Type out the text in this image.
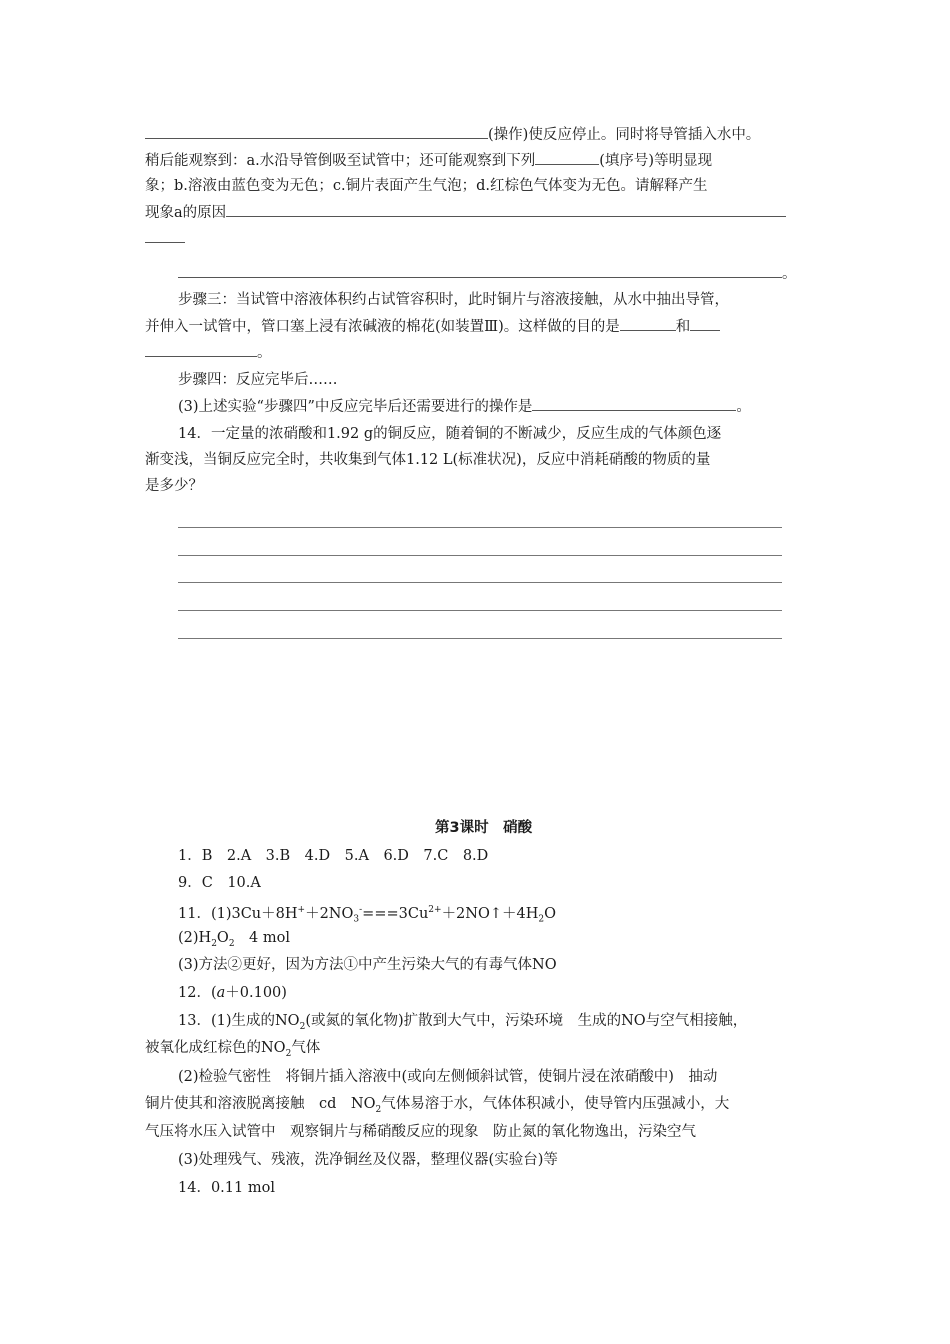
(操作)使反应停止。同时将导管插入水中。
稍后能观察到：a.水沿导管倒吸至试管中；还可能观察到下列	(填序号)等明显现
象；b.溶液由蓝色变为无色；c.铜片表面产生气泡；d.红棕色气体变为无色。请解释产生
现象a的原因
。
步骤三：当试管中溶液体积约占试管容积时，此时铜片与溶液接触，从水中抽出导管，
并伸入一试管中，管口塞上浸有浓碱液的棉花(如装置Ⅲ)。这样做的目的是	和
。
步骤四：反应完毕后……
(3)上述实验“步骤四”中反应完毕后还需要进行的操作是	。
14．一定量的浓硝酸和1.92 g的铜反应，随着铜的不断减少，反应生成的气体颜色逐
渐变浅，当铜反应完全时，共收集到气体1.12 L(标准状况)，反应中消耗硝酸的物质的量
是多少？
第3课时　硝酸
1．B　2.A　3.B　4.D　5.A　6.D　7.C　8.D
9．C　10.A
11．$(1)3Cu+8H^++2NO_3^-===3Cu^{2+}+2NO↑+4H_2O$
$(2)H_2O_2$　4 mol
(3)方法②更好，因为方法①中产生污染大气的有毒气体NO
12．(a＋0.100)
13．(1)生成的$NO_2$(或氮的氧化物)扩散到大气中，污染环境　生成的NO与空气相接触，
被氧化成红棕色的$NO_2$气体
(2)检验气密性　将铜片插入溶液中(或向左侧倾斜试管，使铜片浸在浓硝酸中)　抽动
铜片使其和溶液脱离接触　cd　$NO_2$气体易溶于水，气体体积减小，使导管内压强减小，大
气压将水压入试管中　观察铜片与稀硝酸反应的现象　防止氮的氧化物逸出，污染空气
(3)处理残气、残液，洗净铜丝及仪器，整理仪器(实验台)等
14．0.11 mol
